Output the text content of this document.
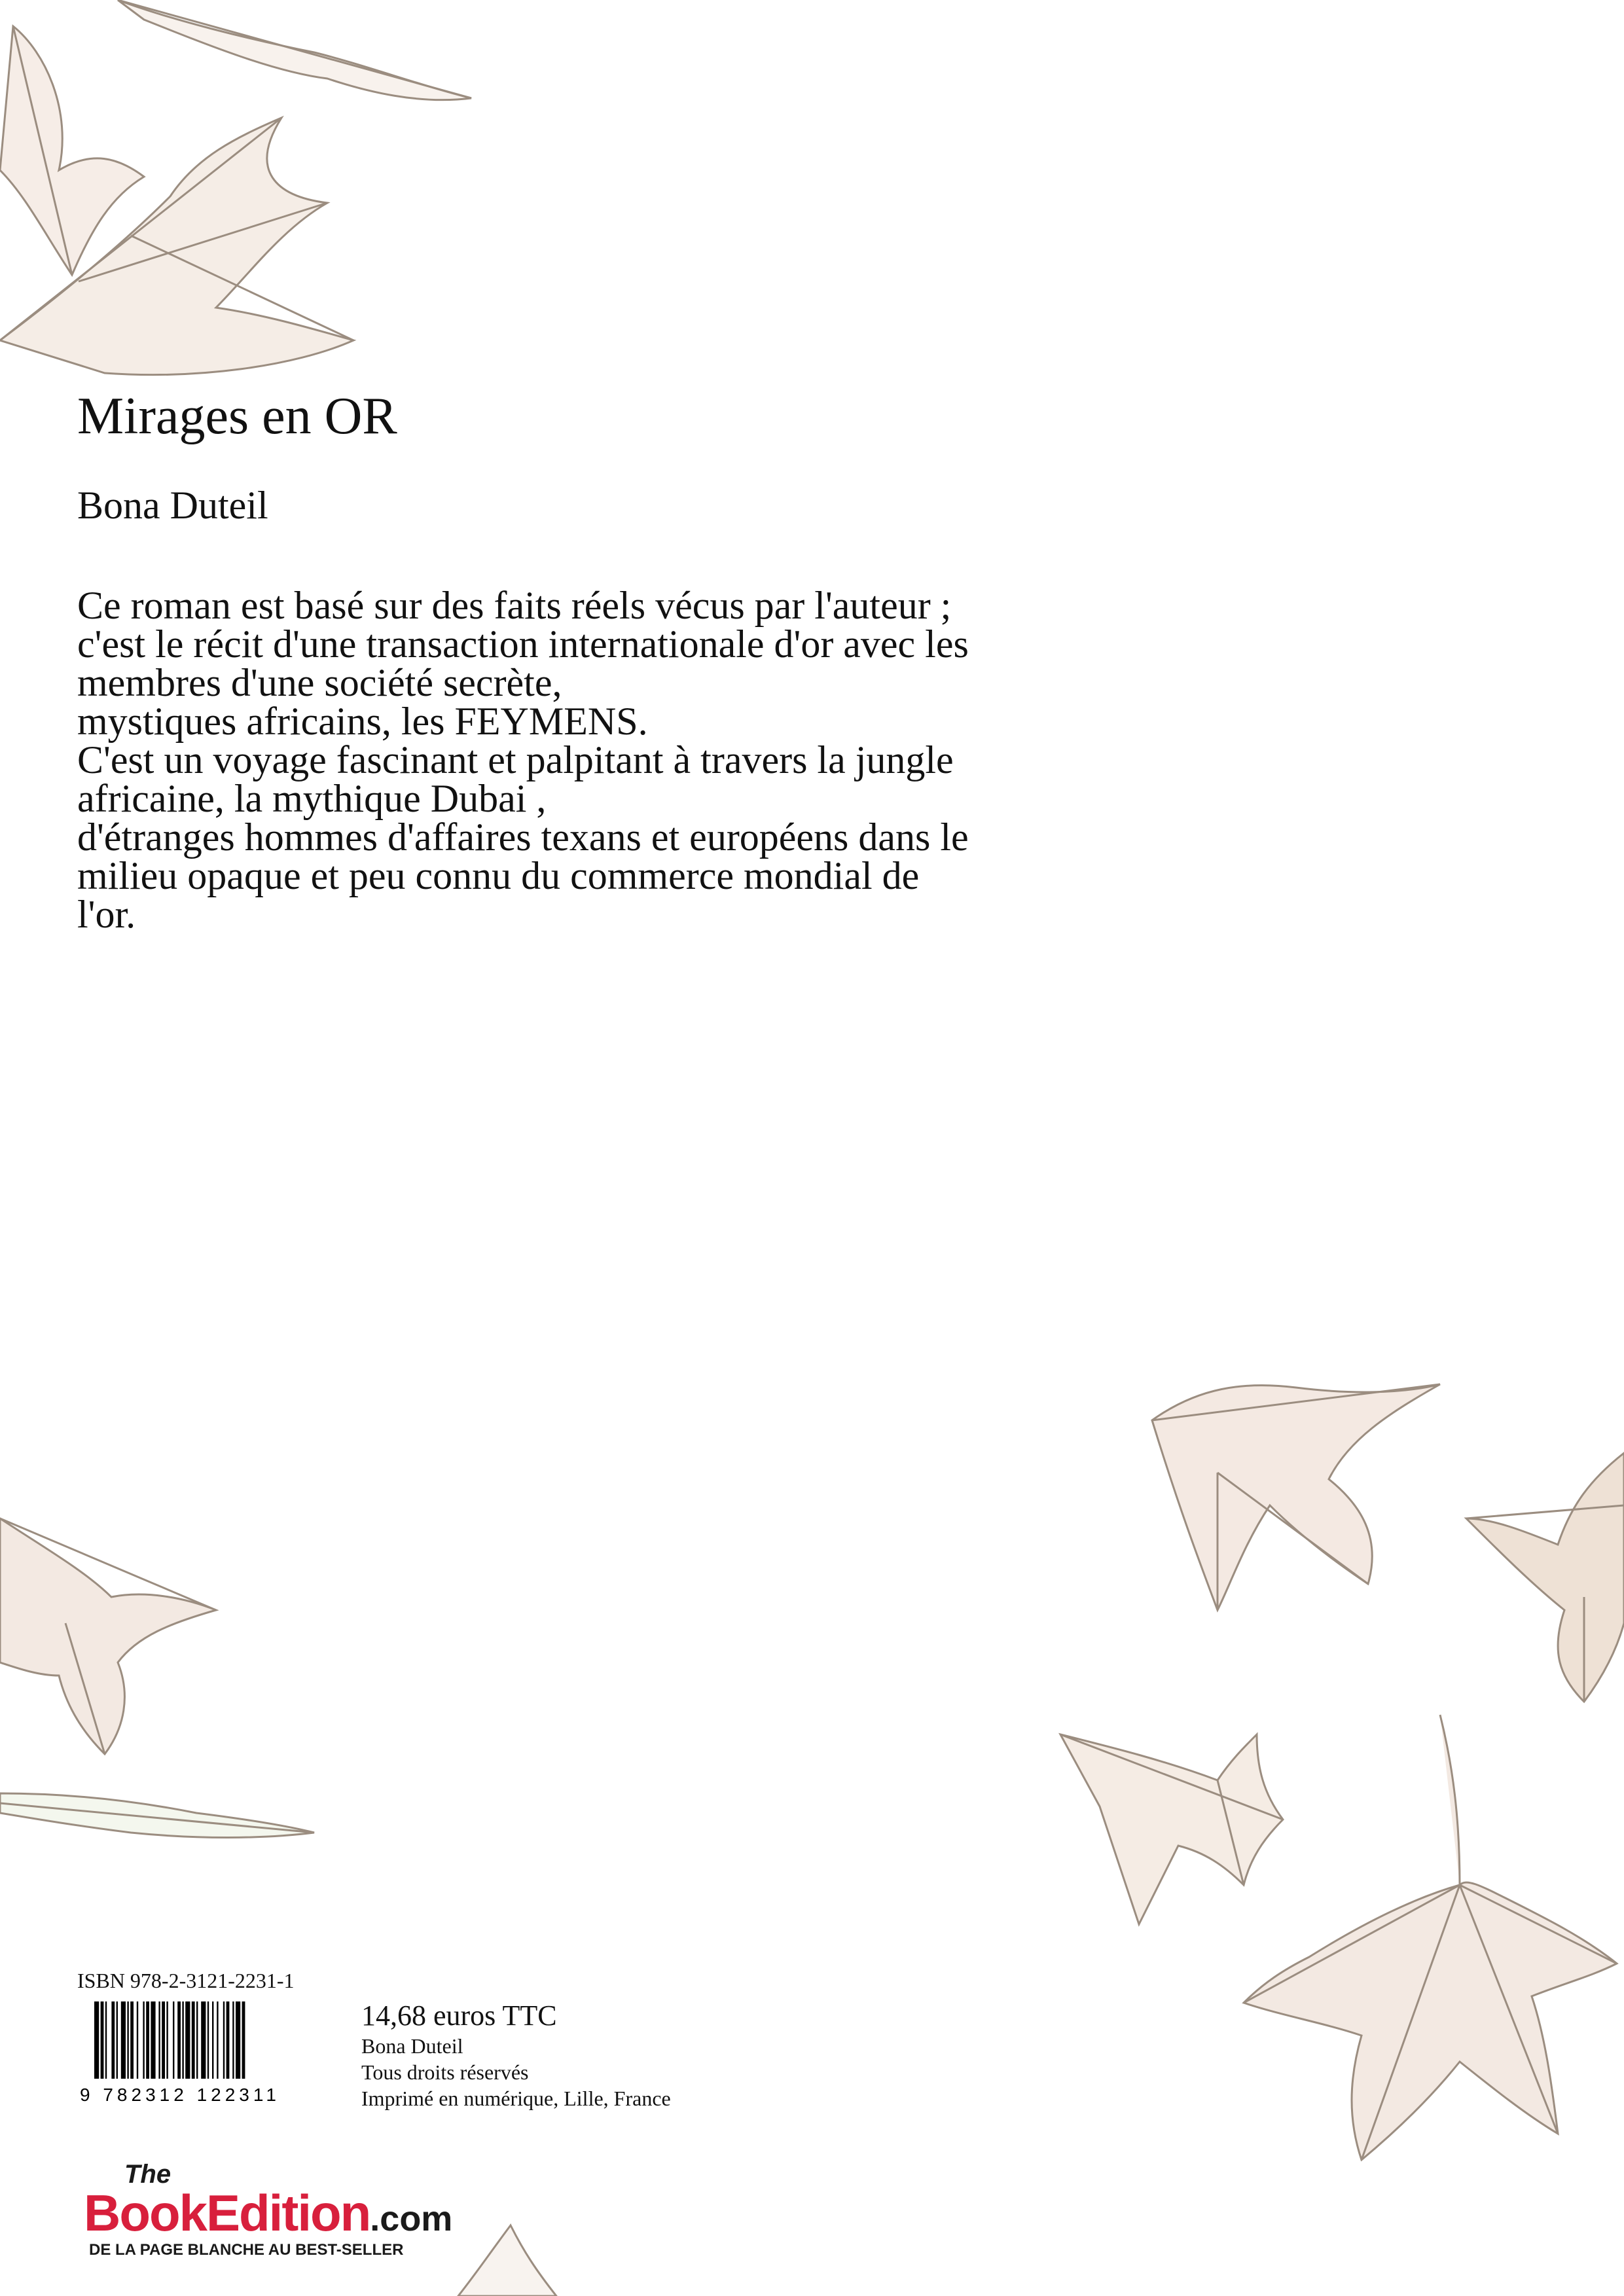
Mirages en OR
Bona Duteil

Ce roman est basé sur des faits réels vécus par l'auteur ;

c'est le récit d'une transaction internationale d'or avec les

membres d'une société secrète,

mystiques africains, les FEYMENS.

C'est un voyage fascinant et palpitant à travers la jungle

africaine, la mythique Dubai ,

d'étranges hommes d'affaires texans et européens dans le

milieu opaque et peu connu du commerce mondial de

l'or.

ISBN 978-2-3121-2231-1
9 782312 122311
14,68 euros TTC
Bona Duteil
Tous droits réservés
Imprimé en numérique, Lille, France
The
BookEdition.com
DE LA PAGE BLANCHE AU BEST-SELLER
